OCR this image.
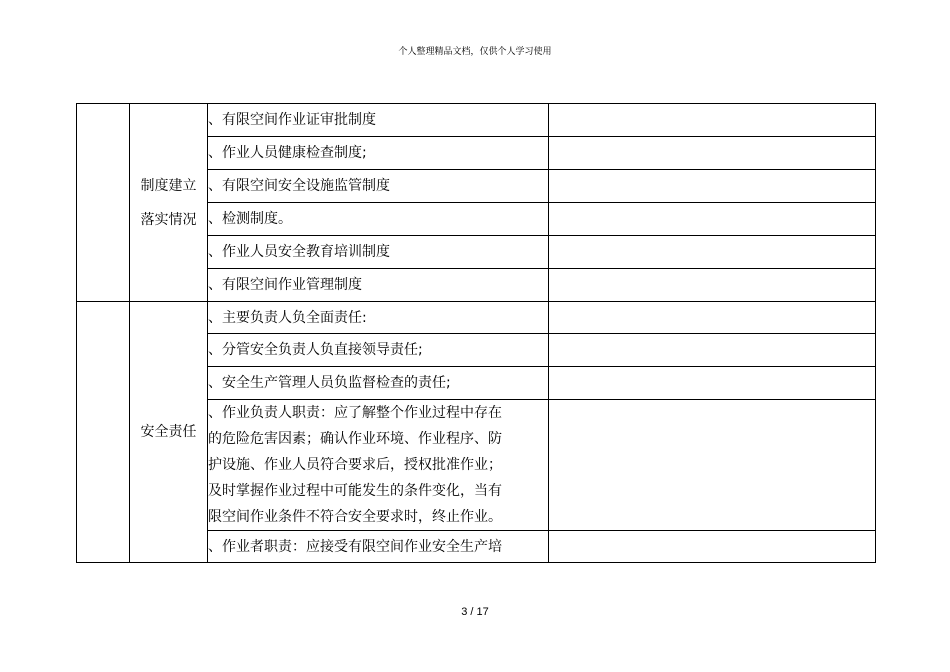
个人整理精品文档，仅供个人学习使用

	制度建立
落实情况	、有限空间作业证审批制度	

		、作业人员健康检查制度;	

		、有限空间安全设施监管制度	

		、检测制度。	

		、作业人员安全教育培训制度	

		、有限空间作业管理制度	

	安全责任	、主要负责人负全面责任:	

		、分管安全负责人负直接领导责任;	

		、安全生产管理人员负监督检查的责任;	

		、作业负责人职责：应了解整个作业过程中存在
的危险危害因素；确认作业环境、作业程序、防
护设施、作业人员符合要求后，授权批准作业；
及时掌握作业过程中可能发生的条件变化，当有
限空间作业条件不符合安全要求时，终止作业。	

		、作业者职责：应接受有限空间作业安全生产培	

3 / 17
